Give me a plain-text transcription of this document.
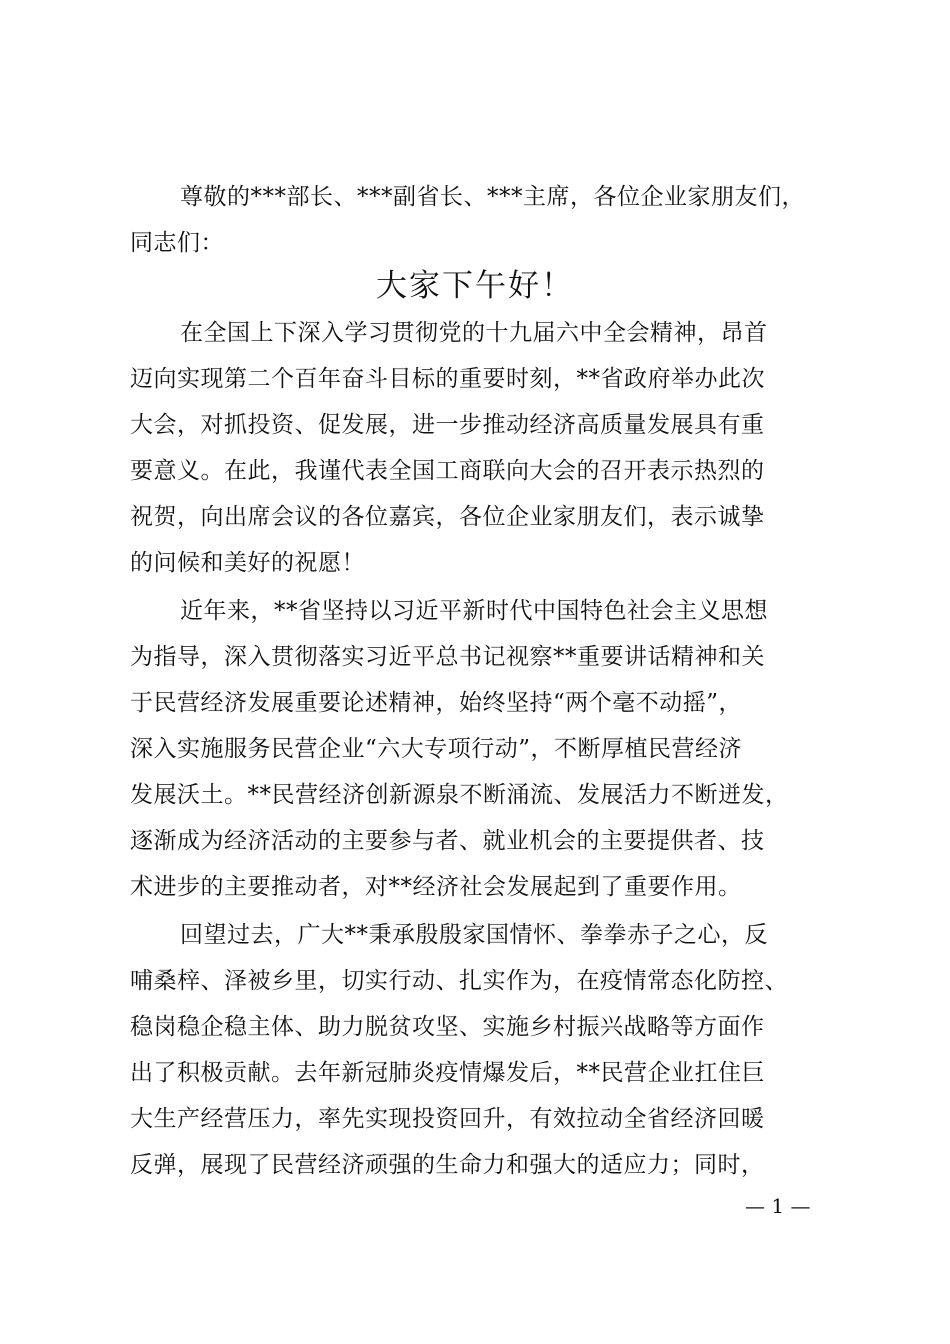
尊敬的***部长、***副省长、***主席，各位企业家朋友们，
同志们：
大家下午好！
在全国上下深入学习贯彻党的十九届六中全会精神，昂首
迈向实现第二个百年奋斗目标的重要时刻，**省政府举办此次
大会，对抓投资、促发展，进一步推动经济高质量发展具有重
要意义。在此，我谨代表全国工商联向大会的召开表示热烈的
祝贺，向出席会议的各位嘉宾，各位企业家朋友们，表示诚挚
的问候和美好的祝愿！
近年来，**省坚持以习近平新时代中国特色社会主义思想
为指导，深入贯彻落实习近平总书记视察**重要讲话精神和关
于民营经济发展重要论述精神，始终坚持“两个毫不动摇”，
深入实施服务民营企业“六大专项行动”，不断厚植民营经济
发展沃土。**民营经济创新源泉不断涌流、发展活力不断迸发，
逐渐成为经济活动的主要参与者、就业机会的主要提供者、技
术进步的主要推动者，对**经济社会发展起到了重要作用。
回望过去，广大**秉承殷殷家国情怀、拳拳赤子之心，反
哺桑梓、泽被乡里，切实行动、扎实作为，在疫情常态化防控、
稳岗稳企稳主体、助力脱贫攻坚、实施乡村振兴战略等方面作
出了积极贡献。去年新冠肺炎疫情爆发后，**民营企业扛住巨
大生产经营压力，率先实现投资回升，有效拉动全省经济回暖
反弹，展现了民营经济顽强的生命力和强大的适应力；同时，
— 1 —
